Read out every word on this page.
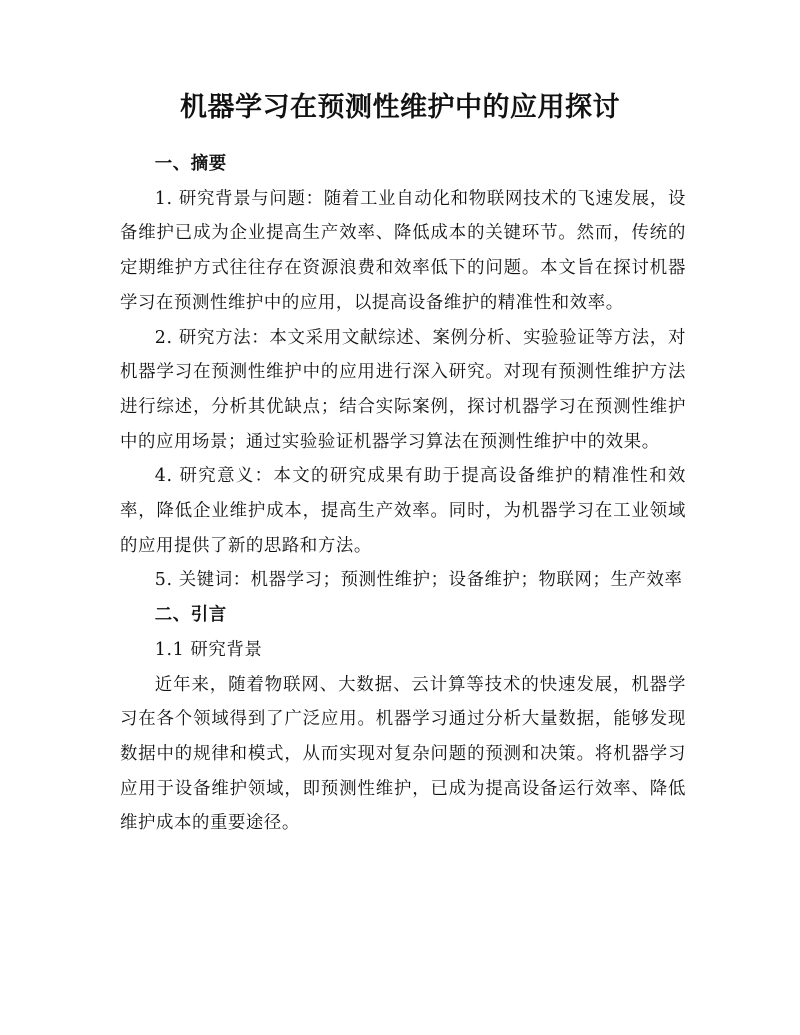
机器学习在预测性维护中的应用探讨
一、摘要

1. 研究背景与问题：随着工业自动化和物联网技术的飞速发展，设备维护已成为企业提高生产效率、降低成本的关键环节。然而，传统的定期维护方式往往存在资源浪费和效率低下的问题。本文旨在探讨机器学习在预测性维护中的应用，以提高设备维护的精准性和效率。

2. 研究方法：本文采用文献综述、案例分析、实验验证等方法，对机器学习在预测性维护中的应用进行深入研究。对现有预测性维护方法进行综述，分析其优缺点；结合实际案例，探讨机器学习在预测性维护中的应用场景；通过实验验证机器学习算法在预测性维护中的效果。

4. 研究意义：本文的研究成果有助于提高设备维护的精准性和效率，降低企业维护成本，提高生产效率。同时，为机器学习在工业领域的应用提供了新的思路和方法。

5. 关键词：机器学习；预测性维护；设备维护；物联网；生产效率

二、引言
1.1 研究背景

近年来，随着物联网、大数据、云计算等技术的快速发展，机器学习在各个领域得到了广泛应用。机器学习通过分析大量数据，能够发现数据中的规律和模式，从而实现对复杂问题的预测和决策。将机器学习应用于设备维护领域，即预测性维护，已成为提高设备运行效率、降低维护成本的重要途径。
